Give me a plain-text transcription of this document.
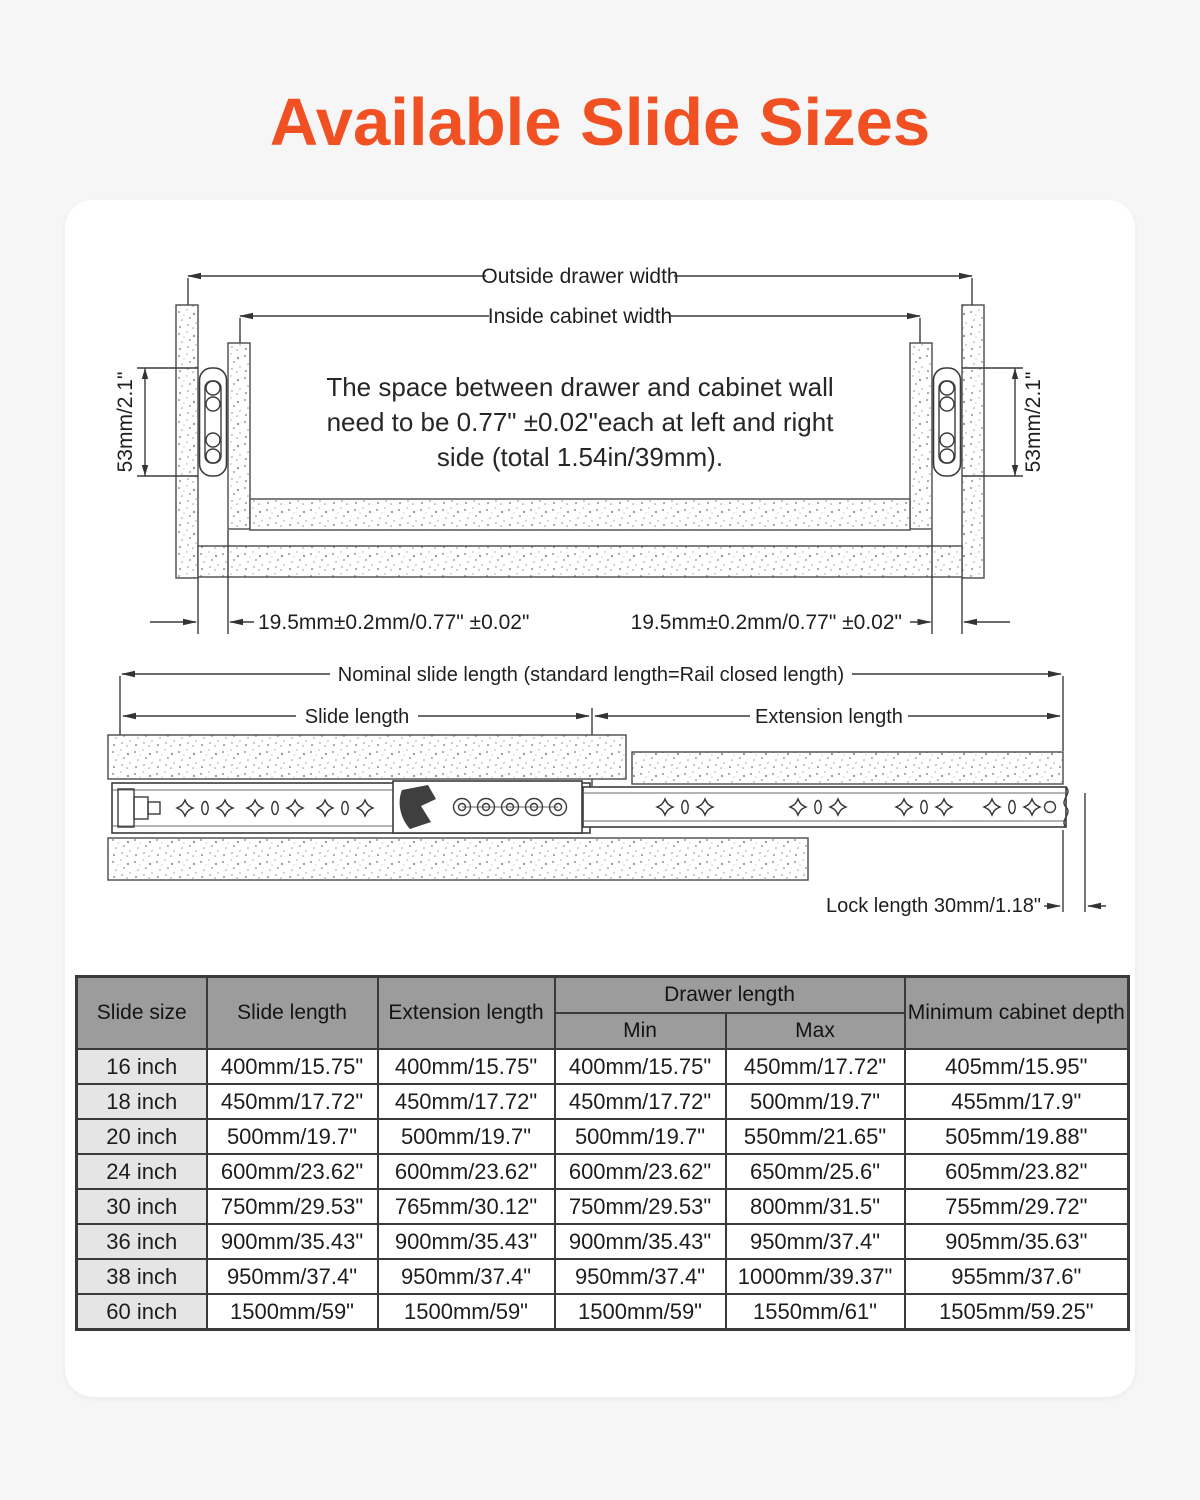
Available Slide Sizes
Outside drawer width
Inside cabinet width
53mm/2.1"	53mm/2.1"
The space between drawer and cabinet wall
need to be 0.77" ±0.02"each at left and right
side (total 1.54in/39mm).
19.5mm±0.2mm/0.77" ±0.02"	19.5mm±0.2mm/0.77" ±0.02"
Nominal slide length (standard length=Rail closed length)
Slide length	Extension length
Lock length 30mm/1.18"
Slide size	Slide length	Extension length	Drawer length		Minimum cabinet depth
			Min	Max	
16 inch	400mm/15.75"	400mm/15.75"	400mm/15.75"	450mm/17.72"	405mm/15.95"
18 inch	450mm/17.72"	450mm/17.72"	450mm/17.72"	500mm/19.7"	455mm/17.9"
20 inch	500mm/19.7"	500mm/19.7"	500mm/19.7"	550mm/21.65"	505mm/19.88"
24 inch	600mm/23.62"	600mm/23.62"	600mm/23.62"	650mm/25.6"	605mm/23.82"
30 inch	750mm/29.53"	765mm/30.12"	750mm/29.53"	800mm/31.5"	755mm/29.72"
36 inch	900mm/35.43"	900mm/35.43"	900mm/35.43"	950mm/37.4"	905mm/35.63"
38 inch	950mm/37.4"	950mm/37.4"	950mm/37.4"	1000mm/39.37"	955mm/37.6"
60 inch	1500mm/59"	1500mm/59"	1500mm/59"	1550mm/61"	1505mm/59.25"
